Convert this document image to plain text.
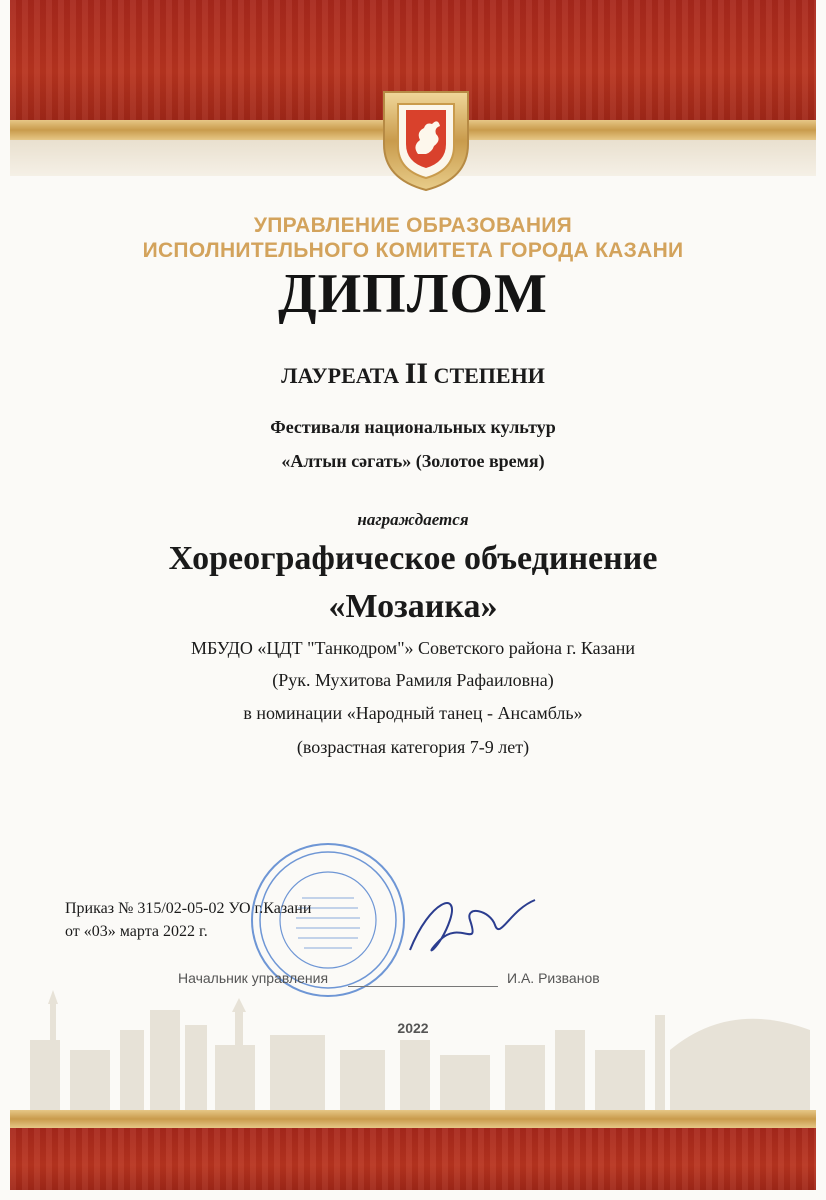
УПРАВЛЕНИЕ ОБРАЗОВАНИЯ
ИСПОЛНИТЕЛЬНОГО КОМИТЕТА ГОРОДА КАЗАНИ
ДИПЛОМ
ЛАУРЕАТА II СТЕПЕНИ
Фестиваля национальных культур
«Алтын сәгать» (Золотое время)
награждается
Хореографическое объединение
«Мозаика»
МБУДО «ЦДТ "Танкодром"» Советского района г. Казани
(Рук. Мухитова Рамиля Рафаиловна)
в номинации «Народный танец - Ансамбль»
(возрастная категория 7-9 лет)
Приказ № 315/02-05-02 УО г.Казани
от «03» марта 2022 г.
Начальник управления	И.А. Ризванов
2022
